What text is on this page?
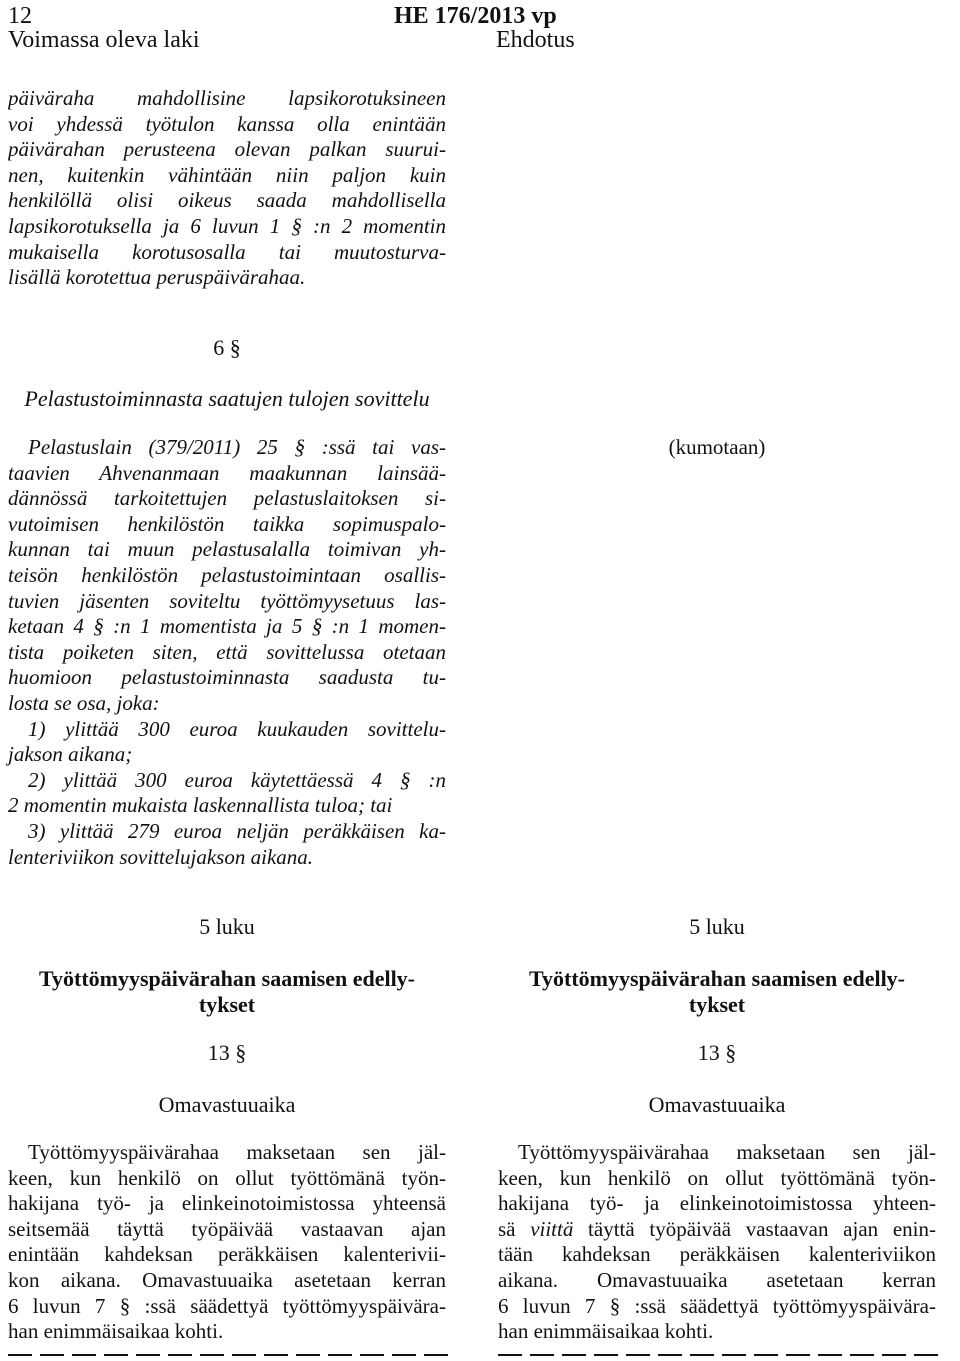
12	HE 176/2013 vp
Voimassa oleva laki	Ehdotus
päiväraha mahdollisine lapsikorotuksineen
voi yhdessä työtulon kanssa olla enintään
päivärahan perusteena olevan palkan suurui-
nen, kuitenkin vähintään niin paljon kuin
henkilöllä olisi oikeus saada mahdollisella
lapsikorotuksella ja 6 luvun 1 § :n 2 momentin
mukaisella korotusosalla tai muutosturva-
lisällä korotettua peruspäivärahaa.
6 §
Pelastustoiminnasta saatujen tulojen sovittelu
Pelastuslain (379/2011) 25 § :ssä tai vas-
taavien Ahvenanmaan maakunnan lainsää-
dännössä tarkoitettujen pelastuslaitoksen si-
vutoimisen henkilöstön taikka sopimuspalo-
kunnan tai muun pelastusalalla toimivan yh-
teisön henkilöstön pelastustoimintaan osallis-
tuvien jäsenten soviteltu työttömyysetuus las-
ketaan 4 § :n 1 momentista ja 5 § :n 1 momen-
tista poiketen siten, että sovittelussa otetaan
huomioon pelastustoiminnasta saadusta tu-
losta se osa, joka:
1) ylittää 300 euroa kuukauden sovittelu-
jakson aikana;
2) ylittää 300 euroa käytettäessä 4 § :n
2 momentin mukaista laskennallista tuloa; tai
3) ylittää 279 euroa neljän peräkkäisen ka-
lenteriviikon sovittelujakson aikana.
(kumotaan)
5 luku
Työttömyyspäivärahan saamisen edelly-
tykset
13 §
Omavastuuaika
Työttömyyspäivärahaa maksetaan sen jäl-
keen, kun henkilö on ollut työttömänä työn-
hakijana työ- ja elinkeinotoimistossa yhteensä
seitsemää täyttä työpäivää vastaavan ajan
enintään kahdeksan peräkkäisen kalenterivii-
kon aikana. Omavastuuaika asetetaan kerran
6 luvun 7 § :ssä säädettyä työttömyyspäivära-
han enimmäisaikaa kohti.
5 luku
Työttömyyspäivärahan saamisen edelly-
tykset
13 §
Omavastuuaika
Työttömyyspäivärahaa maksetaan sen jäl-
keen, kun henkilö on ollut työttömänä työn-
hakijana työ- ja elinkeinotoimistossa yhteen-
sä viittä täyttä työpäivää vastaavan ajan enin-
tään kahdeksan peräkkäisen kalenteriviikon
aikana. Omavastuuaika asetetaan kerran
6 luvun 7 § :ssä säädettyä työttömyyspäivära-
han enimmäisaikaa kohti.
